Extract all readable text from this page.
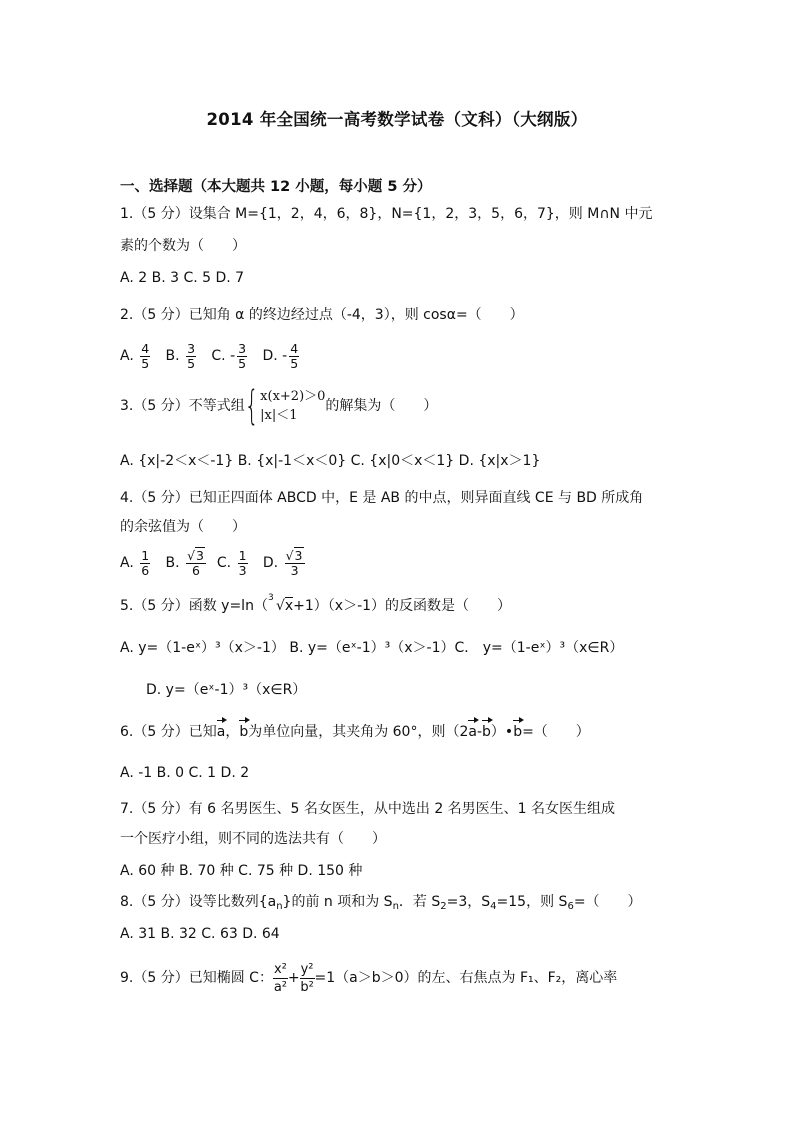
2014 年全国统一高考数学试卷（文科）（大纲版）
一、选择题（本大题共 12 小题，每小题 5 分）
1.（5 分）设集合 M={1，2，4，6，8}，N={1，2，3，5，6，7}，则 M∩N 中元
素的个数为（　　）
A. 2 B. 3 C. 5 D. 7
2.（5 分）已知角 α 的终边经过点（-4，3），则 cosα=（　　）
A. $\frac{4}{5} B$. $\frac{3}{5} C$. - $\frac{3}{5} D$. - $\frac{4}{5}$
3.（5 分）不等式组 { x(x+2)＞0
|x|＜1
的解集为（　　）
A. {x|-2＜x＜-1} B. {x|-1＜x＜0} C. {x|0＜x＜1} D. {x|x＞1}
4.（5 分）已知正四面体 ABCD 中，E 是 AB 的中点，则异面直线 CE 与 BD 所成角
的余弦值为（　　）
A. $\frac{1}{6} B$. $\frac{√3}{6} C$. $\frac{1}{3} D$. $\frac{√3}{3}$
5.（5 分）函数 y=ln（ 3 √x+1）（x＞-1）的反函数是（　　）
A. y=（1-eˣ）³（x＞-1） B. y=（eˣ-1）³（x＞-1）C． y=（1-eˣ）³（x∈R）
D. y=（eˣ-1）³（x∈R）
6.（5 分）已知a，b为单位向量，其夹角为 60°，则（2a-b）•b=（　　）
A. -1 B. 0 C. 1 D. 2
7.（5 分）有 6 名男医生、5 名女医生，从中选出 2 名男医生、1 名女医生组成
一个医疗小组，则不同的选法共有（　　）
A. 60 种 B. 70 种 C. 75 种 D. 150 种
8.（5 分）设等比数列$\{a_n\}$的前 n 项和为 $S_n$．若 $S_2=3$，$S_4=15$，则 $S_6=$（　　）
A. 31 B. 32 C. 63 D. 64
9.（5 分）已知椭圆 C： $\frac{\text{x²}}{\text{a²}} + \frac{\text{y²}}{\text{b²}} =1(a>b>0)$的左、右焦点为 F₁、F₂，离心率
